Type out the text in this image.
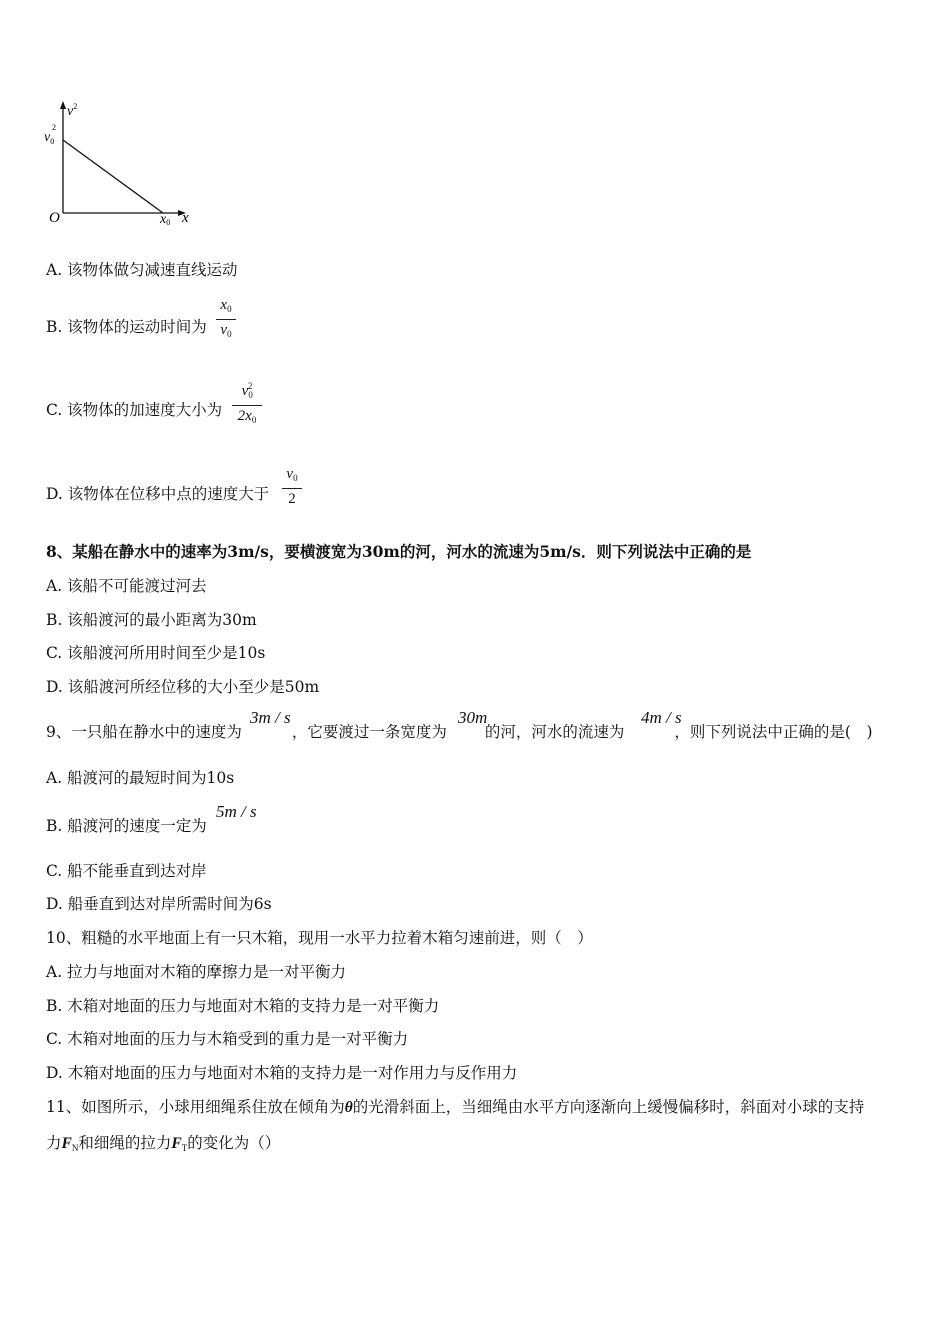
$v^2$
$v_0$
2
O	x0 x
A. 该物体做匀减速直线运动
B. 该物体的运动时间为
$x_0$
$v_0$
C. 该物体的加速度大小为
$v_0^2$
$2x_0$
D. 该物体在位移中点的速度大于
$v_0$
2
8、某船在静水中的速率为3m/s，要横渡宽为30m的河，河水的流速为5m/s．则下列说法中正确的是
A. 该船不可能渡过河去
B. 该船渡河的最小距离为30m
C. 该船渡河所用时间至少是10s
D. 该船渡河所经位移的大小至少是50m
9、一只船在静水中的速度为	，它要渡过一条宽度为 的河，河水的流速为	，则下列说法中正确的是(　)
3m / s	30m	4m / s
A. 船渡河的最短时间为10s
B. 船渡河的速度一定为
5m / s
C. 船不能垂直到达对岸
D. 船垂直到达对岸所需时间为6s
10、粗糙的水平地面上有一只木箱，现用一水平力拉着木箱匀速前进，则（　）
A. 拉力与地面对木箱的摩擦力是一对平衡力
B. 木箱对地面的压力与地面对木箱的支持力是一对平衡力
C. 木箱对地面的压力与木箱受到的重力是一对平衡力
D. 木箱对地面的压力与地面对木箱的支持力是一对作用力与反作用力
11、如图所示，小球用细绳系住放在倾角为θ的光滑斜面上，当细绳由水平方向逐渐向上缓慢偏移时，斜面对小球的支持
力$F_N$和细绳的拉力$F_T$的变化为（）
